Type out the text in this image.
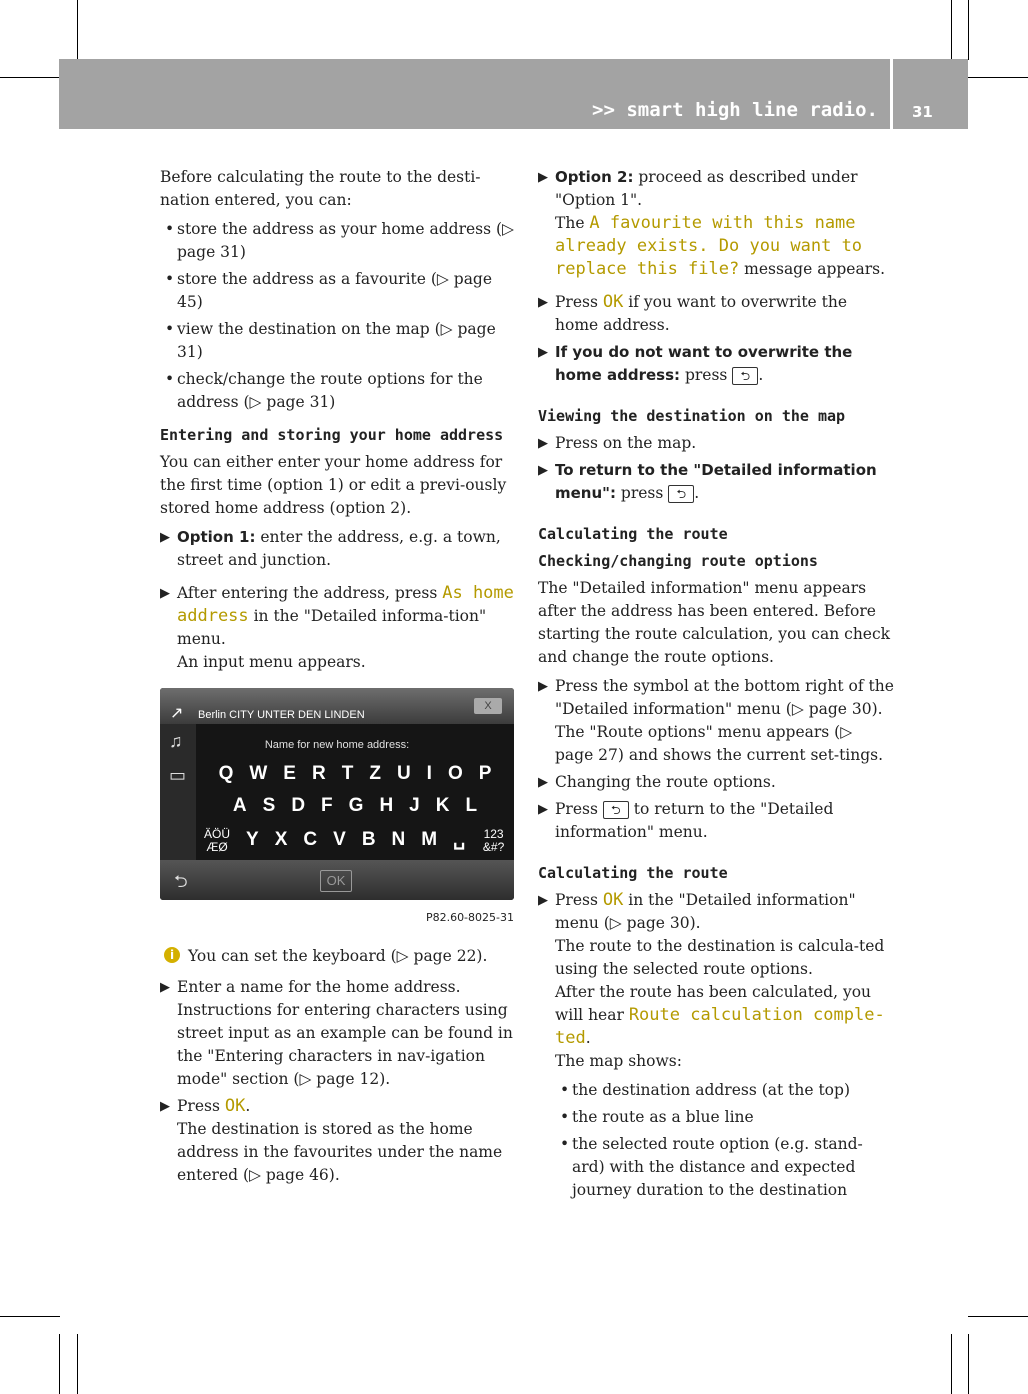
>> smart high line radio. 31

Before calculating the route to the desti-nation entered, you can:

• store the address as your home address (▷ page 31)
• store the address as a favourite (▷ page 45)
• view the destination on the map (▷ page 31)
• check/change the route options for the address (▷ page 31)

Entering and storing your home address

You can either enter your home address for the first time (option 1) or edit a previ-ously stored home address (option 2).

▶ Option 1: enter the address, e.g. a town, street and junction.
▶ After entering the address, press As home address in the "Detailed informa-tion" menu.
An input menu appears.
↗ Berlin CITY UNTER DEN LINDEN
X
♫
▭
Name for new home address:
Q W E R T Z U I O P
A S D F G H J K L
ÄÖÜ ÆØ Y X C V B N M ␣ 123 &#?
⮌	OK
P82.60-8025-31
i You can set the keyboard (▷ page 22).
▶ Enter a name for the home address.
Instructions for entering characters using street input as an example can be found in the "Entering characters in nav-igation mode" section (▷ page 12).
▶ Press OK.
The destination is stored as the home address in the favourites under the name entered (▷ page 46).
▶ Option 2: proceed as described under "Option 1".
The A favourite with this name already exists. Do you want to replace this file? message appears.
▶ Press OK if you want to overwrite the home address.
▶ If you do not want to overwrite the home address: press ⮌ .

Viewing the destination on the map

▶ Press on the map.
▶ To return to the "Detailed information menu": press ⮌ .

Calculating the route

Checking/changing route options

The "Detailed information" menu appears after the address has been entered. Before starting the route calculation, you can check and change the route options.

▶ Press the symbol at the bottom right of the "Detailed information" menu (▷ page 30).
The "Route options" menu appears (▷ page 27) and shows the current set-tings.
▶ Changing the route options.
▶ Press ⮌ to return to the "Detailed information" menu.

Calculating the route

▶ Press OK in the "Detailed information" menu (▷ page 30).
The route to the destination is calcula-ted using the selected route options.
After the route has been calculated, you will hear Route calculation comple-ted.
The map shows:
• the destination address (at the top)
• the route as a blue line
• the selected route option (e.g. stand-ard) with the distance and expected journey duration to the destination
